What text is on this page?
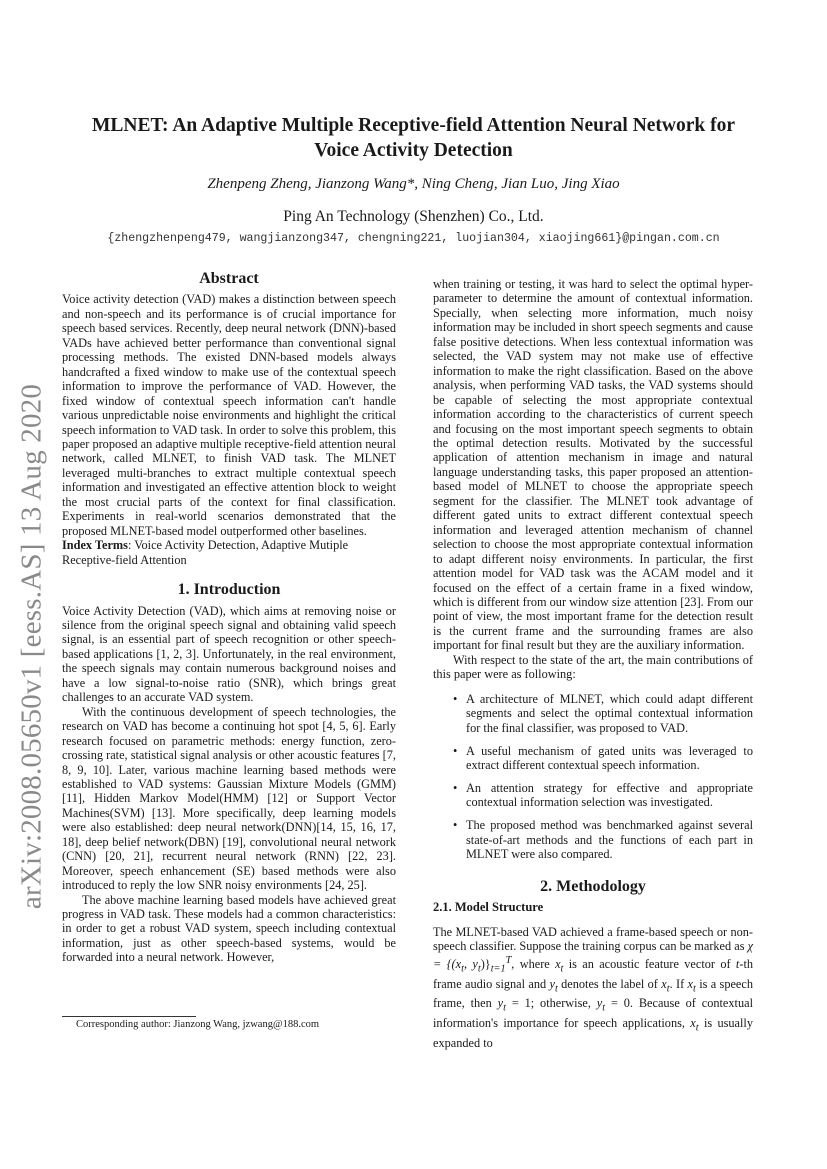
arXiv:2008.05650v1 [eess.AS] 13 Aug 2020
MLNET: An Adaptive Multiple Receptive-field Attention Neural Network for
Voice Activity Detection
Zhenpeng Zheng, Jianzong Wang*, Ning Cheng, Jian Luo, Jing Xiao
Ping An Technology (Shenzhen) Co., Ltd.
{zhengzhenpeng479, wangjianzong347, chengning221, luojian304, xiaojing661}@pingan.com.cn
Abstract

Voice activity detection (VAD) makes a distinction between speech and non-speech and its performance is of crucial importance for speech based services. Recently, deep neural network (DNN)-based VADs have achieved better performance than conventional signal processing methods. The existed DNN-based models always handcrafted a fixed window to make use of the contextual speech information to improve the performance of VAD. However, the fixed window of contextual speech information can't handle various unpredictable noise environments and highlight the critical speech information to VAD task. In order to solve this problem, this paper proposed an adaptive multiple receptive-field attention neural network, called MLNET, to finish VAD task. The MLNET leveraged multi-branches to extract multiple contextual speech information and investigated an effective attention block to weight the most crucial parts of the context for final classification. Experiments in real-world scenarios demonstrated that the proposed MLNET-based model outperformed other baselines.

Index Terms: Voice Activity Detection, Adaptive Mutiple Receptive-field Attention

1. Introduction

Voice Activity Detection (VAD), which aims at removing noise or silence from the original speech signal and obtaining valid speech signal, is an essential part of speech recognition or other speech-based applications [1, 2, 3]. Unfortunately, in the real environment, the speech signals may contain numerous background noises and have a low signal-to-noise ratio (SNR), which brings great challenges to an accurate VAD system.

With the continuous development of speech technologies, the research on VAD has become a continuing hot spot [4, 5, 6]. Early research focused on parametric methods: energy function, zero-crossing rate, statistical signal analysis or other acoustic features [7, 8, 9, 10]. Later, various machine learning based methods were established to VAD systems: Gaussian Mixture Models (GMM) [11], Hidden Markov Model(HMM) [12] or Support Vector Machines(SVM) [13]. More specifically, deep learning models were also established: deep neural network(DNN)[14, 15, 16, 17, 18], deep belief network(DBN) [19], convolutional neural network (CNN) [20, 21], recurrent neural network (RNN) [22, 23]. Moreover, speech enhancement (SE) based methods were also introduced to reply the low SNR noisy environments [24, 25].

The above machine learning based models have achieved great progress in VAD task. These models had a common characteristics: in order to get a robust VAD system, speech including contextual information, just as other speech-based systems, would be forwarded into a neural network. However,

Corresponding author: Jianzong Wang, jzwang@188.com

when training or testing, it was hard to select the optimal hyper-parameter to determine the amount of contextual information. Specially, when selecting more information, much noisy information may be included in short speech segments and cause false positive detections. When less contextual information was selected, the VAD system may not make use of effective information to make the right classification. Based on the above analysis, when performing VAD tasks, the VAD systems should be capable of selecting the most appropriate contextual information according to the characteristics of current speech and focusing on the most important speech segments to obtain the optimal detection results. Motivated by the successful application of attention mechanism in image and natural language understanding tasks, this paper proposed an attention-based model of MLNET to choose the appropriate speech segment for the classifier. The MLNET took advantage of different gated units to extract different contextual speech information and leveraged attention mechanism of channel selection to choose the most appropriate contextual information to adapt different noisy environments. In particular, the first attention model for VAD task was the ACAM model and it focused on the effect of a certain frame in a fixed window, which is different from our window size attention [23]. From our point of view, the most important frame for the detection result is the current frame and the surrounding frames are also important for final result but they are the auxiliary information.

With respect to the state of the art, the main contributions of this paper were as following:

• A architecture of MLNET, which could adapt different segments and select the optimal contextual information for the final classifier, was proposed to VAD.
• A useful mechanism of gated units was leveraged to extract different contextual speech information.
• An attention strategy for effective and appropriate contextual information selection was investigated.
• The proposed method was benchmarked against several state-of-art methods and the functions of each part in MLNET were also compared.
2. Methodology
2.1. Model Structure

The MLNET-based VAD achieved a frame-based speech or non-speech classifier. Suppose the training corpus can be marked as $\chi = \{(x_t$, $y_t)\}_{t=1}^T$, where $x_t$ is an acoustic feature vector of t-th frame audio signal and $y_t$ denotes the label of $x_t$. If $x_t$ is a speech frame, then $y_t = 1$; otherwise, $y_t = 0$. Because of contextual information's importance for speech applications, $x_t$ is usually expanded to
